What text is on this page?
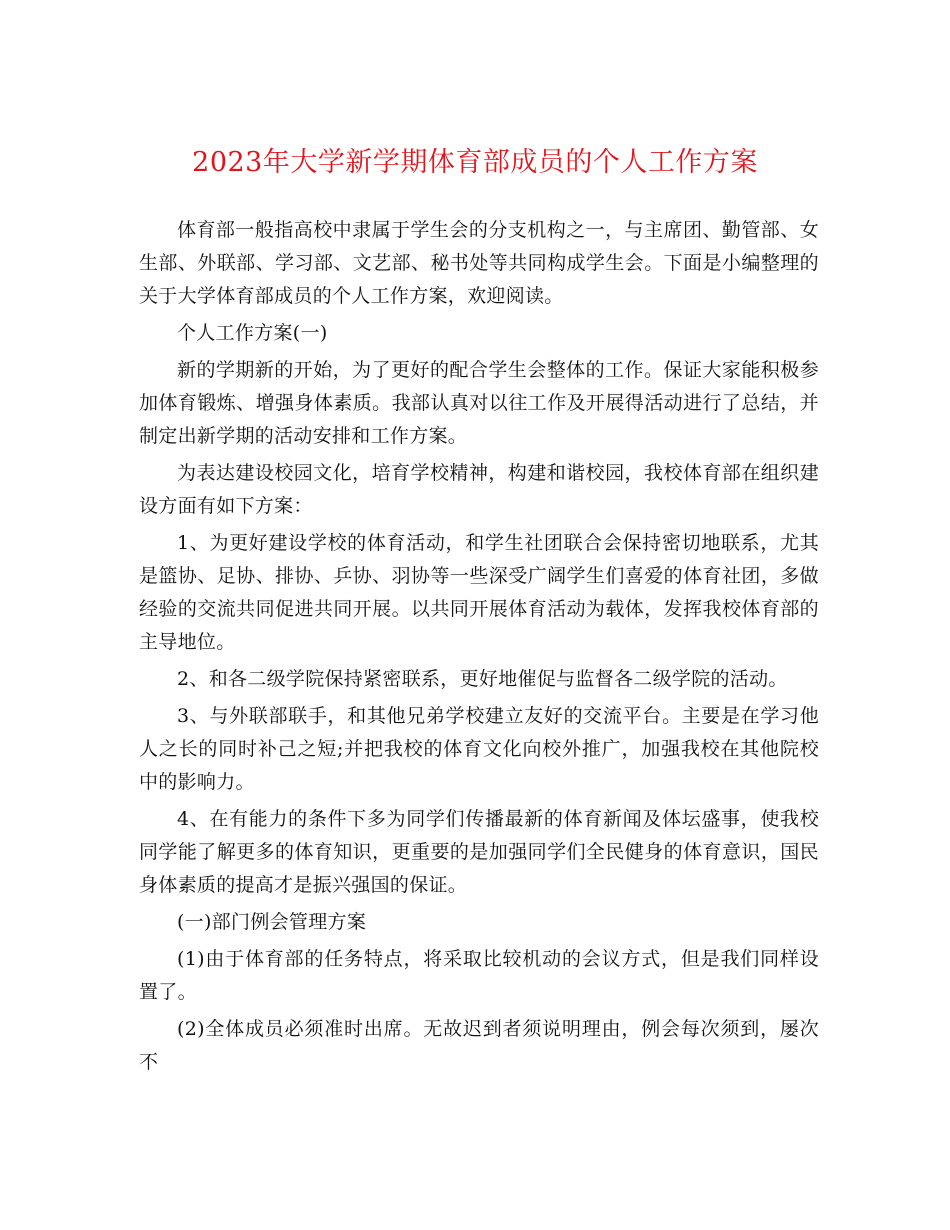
2023年大学新学期体育部成员的个人工作方案

体育部一般指高校中隶属于学生会的分支机构之一，与主席团、勤管部、女生部、外联部、学习部、文艺部、秘书处等共同构成学生会。下面是小编整理的关于大学体育部成员的个人工作方案，欢迎阅读。

个人工作方案(一)

新的学期新的开始，为了更好的配合学生会整体的工作。保证大家能积极参加体育锻炼、增强身体素质。我部认真对以往工作及开展得活动进行了总结，并制定出新学期的活动安排和工作方案。

为表达建设校园文化，培育学校精神，构建和谐校园，我校体育部在组织建设方面有如下方案：

1、为更好建设学校的体育活动，和学生社团联合会保持密切地联系，尤其是篮协、足协、排协、乒协、羽协等一些深受广阔学生们喜爱的体育社团，多做经验的交流共同促进共同开展。以共同开展体育活动为载体，发挥我校体育部的主导地位。

2、和各二级学院保持紧密联系，更好地催促与监督各二级学院的活动。

3、与外联部联手，和其他兄弟学校建立友好的交流平台。主要是在学习他人之长的同时补己之短;并把我校的体育文化向校外推广，加强我校在其他院校中的影响力。

4、在有能力的条件下多为同学们传播最新的体育新闻及体坛盛事，使我校同学能了解更多的体育知识，更重要的是加强同学们全民健身的体育意识，国民身体素质的提高才是振兴强国的保证。

(一)部门例会管理方案

(1)由于体育部的任务特点，将采取比较机动的会议方式，但是我们同样设置了。

(2)全体成员必须准时出席。无故迟到者须说明理由，例会每次须到，屡次不
